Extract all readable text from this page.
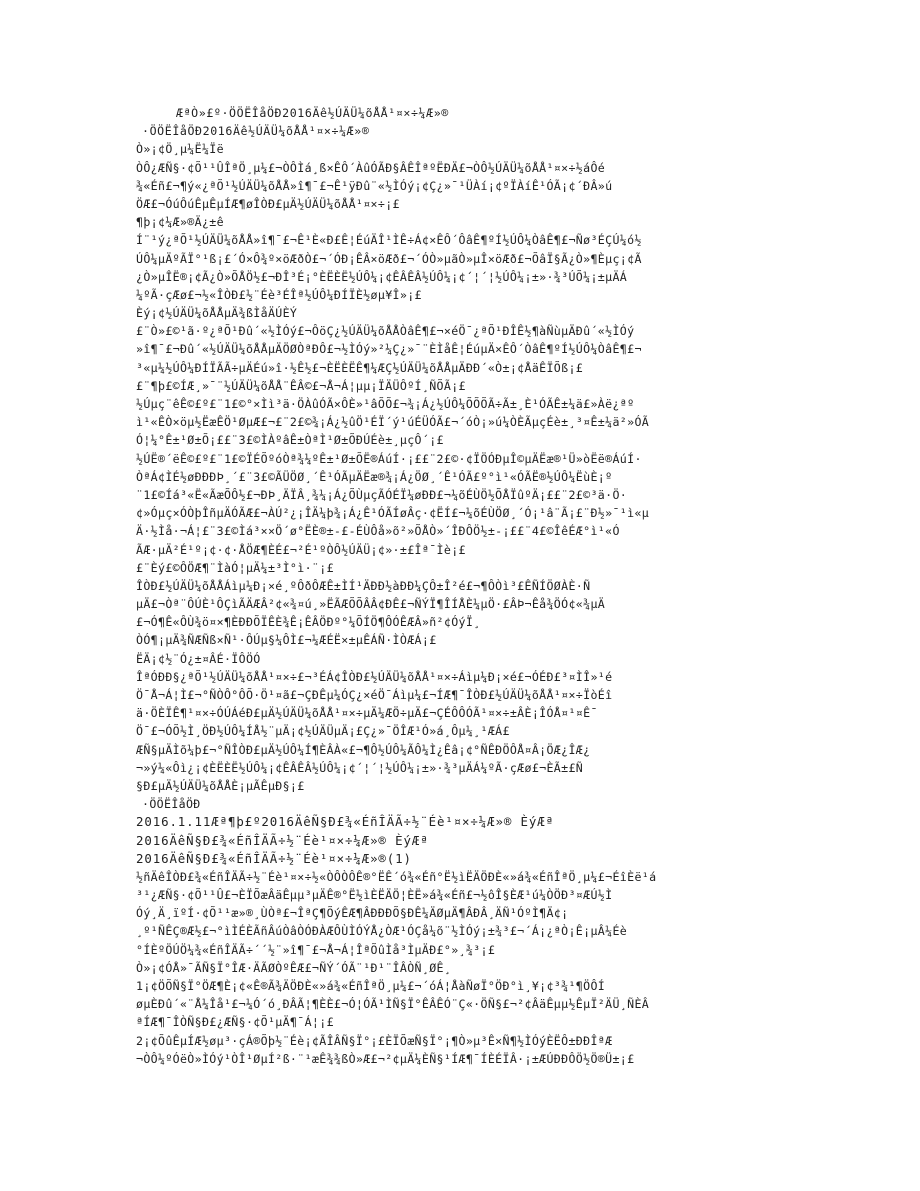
ÆªÒ»£º·ÖÖËÎåÖÐ2016Äê½ÚÄÜ¼õÅÅ¹¤×÷¼Æ»®
·ÖÖËÎåÖÐ2016Äê½ÚÄÜ¼õÅÅ¹¤×÷¼Æ»®
Ò»¡¢Ö¸µ¼Ë¼Ïë
ÒÔ¿ÆÑ§·¢Õ¹¹ÛÎªÖ¸µ¼£¬ÒÔÌá¸ß×ÊÔ´ÀûÓÃÐ§ÂÊÎªºËÐÄ£¬ÒÔ½ÚÄÜ¼õÅÅ¹¤×÷½áÔé
¾«Éñ£¬¶ý«¿ªÕ¹½ÚÄÜ¼õÅÅ»î¶¯£¬Ê¹ÿÐû¨«½ÌÓý¡¢Ç¿»¯¹ÜÀí¡¢ºÏÀíÊ¹ÓÃ¡¢´ÐÂ»ú
ÖÆ£¬ÓúÔúÊµÊµÍÆ¶øÎÒÐ£µÄ½ÚÄÜ¼õÅÅ¹¤×÷¡£
¶þ¡¢¼Æ»®Ä¿±ê
Í¨¹ý¿ªÕ¹½ÚÄÜ¼õÅÅ»î¶¯£¬Ê¹È«Ð£Ê¦ÉúÄÎ¹ÌÊ÷Á¢×ÊÔ´ÔâÊ¶ºÍ½ÚÔ¼ÒâÊ¶£¬Ñø³ÉÇÚ¼ó½
ÚÔ¼µÄºÃÏ°¹ß¡£´Ó×Ô¾º×öÆðÒ£¬´ÓÐ¡ÊÂ×öÆð£¬´ÓÒ»µãÒ»µÎ×öÆð£¬ÕâÏ§Ã¿Ò»¶Èµç¡¢Ã
¿Ò»µÎË®¡¢Ã¿Ò»ÕÅÖ½£¬ÐÎ³É¡°ÈËÈË½ÚÔ¼¡¢ÊÂÊÂ½ÚÔ¼¡¢´¦´¦½ÚÔ¼¡±»·¾³ÚÕ¼¡±µÄÁ
¼ºÃ·çÆø£¬½«ÎÒÐ£½¨Éè³ÉÎª½ÚÔ¼ÐÍÏÈ½øµ¥Î»¡£
Èý¡¢½ÚÄÜ¼õÅÅµÄ¾ßÌåÄÚÈÝ
£¨Ò»£©¹ã·º¿ªÕ¹Ðû´«½ÌÓý£¬ÔöÇ¿½ÚÄÜ¼õÅÅÒâÊ¶£¬×éÖ¯¿ªÕ¹ÐÎÊ½¶àÑùµÄÐû´«½ÌÓý
»î¶¯£¬Ðû´«½ÚÄÜ¼õÅÅµÄÖØÒªÐÔ£¬½ÌÓý»²¼Ç¿»¯¨ÈÌåÊ¦ÉúµÄ×ÊÔ´ÒâÊ¶ºÍ½ÚÔ¼ÒâÊ¶£¬
³«µ¼½ÚÔ¼ÐÍÏÃÃ÷µÄÉú»î·½Ê½£¬ÈËÈËÊ¶¼ÆÇ½ÚÄÜ¼õÅÅµÄÐÐ´«Ò±¡¢ÅäÊÏÕß¡£
£¨¶þ£©ÍÆ¸»¯¨½ÚÄÜ¼õÅÅ¨ÊÂ©£¬Å¬Á¦µµ¡ÏÄÜÔºÍ¸ÑÕÃ¡£
½Úµç¨êÊ©£º£¨1£©°×Ìì³ä·ÖÀûÓÃ×ÔÈ»¹âÕÕ£¬¾¡Á¿½ÚÔ¼ÕÕÕÃ÷Ã±¸È¹ÓÃÊ±¼ä£»Àë¿ªº
ì¹«ÊÒ×öµ½ËæÊÖ¹ØµÆ£¬£¨2£©¾¡Á¿½ûÖ¹ÉÏ´ý¹úÉÜÓÃ£¬´óÒ¡»ú¼ÒÈÃµçÉè±¸³¤Ê±¼ä²»ÓÃ
Ó¦¼°Ê±¹Ø±Õ¡££¨3£©ÌÀºâÊ±ÒªÌ¹Ø±ÕÐÚÉè±¸µçÔ´¡£
½ÚË®´ëÊ©£º£¨1£©ÏÉÕºóÒª¾¼ºÊ±¹Ø±ÕË®ÁúÍ·¡££¨2£©·¢ÏÖÓÐµÎ©µÄËæ®¹Ü»òËë®ÁúÍ·
ÒªÁ¢ÌÉ½øÐÐÐÞ¸´£¨3£©ÃÜÖØ¸´Ê¹ÓÃµÄËæ®¾¡Á¿ÖØ¸´Ê¹ÓÃ£º°ì¹«ÓÃË®½ÚÔ¼ËùÈ¡º
¨1£©Íá³«Ë«ÃæÕÔ½£¬ÐÞ¸ÄÏÂ¸¾¼¡Á¿ÕÙµçÃÓÉÏ¼øÐÐ£¬¼õÉÙÖ½ÕÅÏûºÄ¡££¨2£©³ä·Ö·
¢»Óµç×ÓÒþÎñµÄÓÃÆ£¬ÀÚ²¿¡ÎÄ¼þ¾¡Á¿Ê¹ÓÃÍøÂç·¢ËÍ£¬¼õÉÙÖØ¸´Ó¡¹â¨Ã¡£¨Ð½»¯¹ì«µ
Ä·½Ìå·¬Á¦£¨3£©Ìá³××Ö´ø°ËÈ®±-£-ÉÙÔå»õ²»ÕÅÒ»´ÎÐÔÖ½±-¡££¨4£©ÎêÉÆ°ì¹«Ó
ÃÆ·µÄ²É¹º¡¢·¢·ÅÖÆ¶ÈÉ£¬²É¹ºÒÔ½ÚÄÜ¡¢»·±£Îª¯Ìè¡£
£¨Èý£©ÔÖÆ¶¨ÌàÓ¦µÄ¼±³Ì°ì·¨¡£
ÎÒÐ£½ÚÄÜ¼õÅÅÁìµ¼Ð¡×é¸ºÔðÔÆÊ±ÌÍ¹ÄÐÐ½àÐÐ¼ÇÔ±Î²é£¬¶ÔÒì³£ÊÑÍÖØÀÈ·Ñ
µÄ£¬Òª¨ÔÚÈ¹ÔÇìÃÄÆÂ²¢«¾¤ú¸»ËÃÆÕÕÂÂ¢ÐÊ£¬ÑÝÏ¶ÎÍÅÈ¼µÖ·£ÂÞ¬Êå¾ÖÓ¢«¾µÄ
£¬Ó¶Ê«ÔÙ¾ö¤×¶ÈÐÐÕÏÊÈ¾Ê¡ÊÂÖÐº°¼ÕÍÖ¶ÔÓÊÆÂ»ñ²¢ÓýÏ¸
ÒÓ¶¡µÄ¾ÑÆÑß×Ñ¹·ÔÚµ§¼ÔÌ£¬¼ÆÉË×±µÊÁÑ·ÌÒÆÁ¡£
ËÄ¡¢½¨Ó¿±¤ÂÉ·ÏÔÖÓ
ÎªÓÐÐ§¿ªÕ¹½ÚÄÜ¼õÅÅ¹¤×÷£¬³ÉÁ¢ÎÒÐ£½ÚÄÜ¼õÅÅ¹¤×÷Áìµ¼Ð¡×é£¬ÓÉÐ£³¤ÌÎ»¹é
Ö¯Å¬Á¦Ì£¬°ÑÒÔ°ÔÕ·Ö¹¤ã£¬ÇÐÊµ¼ÓÇ¿×éÖ¯Áìµ¼£¬ÍÆ¶¯ÎÒÐ£½ÚÄÜ¼õÅÅ¹¤×÷ÏòÉî
ä·ÖÈÏÊ¶¹¤×÷ÓÚÁéÐ£µÄ½ÚÄÜ¼õÅÅ¹¤×÷µÄ¼ÆÖ÷µÄ£¬ÇÉÔÔÓÃ¹¤×÷±ÂÈ¡ÎÓÅ¤¹¤Ê¯
Ö¯£¬ÓÕ½Ì¸ÖÐ½ÚÔ¼ÍÅ½¨µÄ¡¢½ÚÄÜµÄ¡£Ç¿»¯ÖÎÆ¹Ó»á¸Ôµ¼¸¹ÆÁ£
ÆÑ§µÄÌõ¼þ£¬°ÑÎÒÐ£µÄ½ÚÔ¼Í¶ÈÂÀ«£¬¶Ô½ÚÔ¼ÃÔ¼Ì¿Êâ¡¢°ÑÊÐÖÔÅ¤Â¡ÖÆ¿ÎÆ¿
¬»ý¼«Ôì¿¡¢ÈËÈË½ÚÔ¼¡¢ÊÂÊÂ½ÚÔ¼¡¢´¦´¦½ÚÔ¼¡±»·¾³µÄÁ¼ºÃ·çÆø£¬ÈÃ±£Ñ
§Ð£µÄ½ÚÄÜ¼õÅÅÈ¡µÃÊµÐ§¡£
·ÖÖËÎåÖÐ
2016.1.11Æª¶þ£º2016ÄêÑ§Ð£¾«ÉñÎÄÃ÷½¨Éè¹¤×÷¼Æ»® ÈýÆª
2016ÄêÑ§Ð£¾«ÉñÎÄÃ÷½¨Éè¹¤×÷¼Æ»® ÈýÆª
2016ÄêÑ§Ð£¾«ÉñÎÄÃ÷½¨Éè¹¤×÷¼Æ»®(1)
½ñÄêÎÒÐ£¾«ÉñÎÄÃ÷½¨Éè¹¤×÷½«ÒÔÒÔÊ®°ËÊ´ó¾«Éñ°Ë½ìËÄÖÐÈ«»á¾«ÉñÎªÖ¸µ¼£¬ÉîÈë¹á
³¹¿ÆÑ§·¢Õ¹¹Û£¬ÈÏÕæÂäÊµµ³µÄÊ®°Ë½ìÈËÄÖ¦ÈË»á¾«Éñ£¬½ôÎ§ÈÆ¹ú¼ÒÖÐ³¤ÆÚ½Ì
Óý¸Ä¸ïºÍ·¢Õ¹¹æ»®¸ÙÒª£¬ÎªÇ¶ÕýÊÆ¶ÂÐÐÐÕ§ÐÊ¼ÄØµÄ¶ÂÐÂ¸ÄÑ¹ÓºÌ¶Ä¢¡
¸º¹ÑÊÇ®Æ½£¬°ìÌÉÈÃñÂúÒâÒÓÐÀÆÔÙÌÓÝÅ¿ÒÆ¹ÓÇå¼õ¨½ÌÓý¡±¾³£¬´Á¡¿ªÒ¡Ê¡µÂ¼Éè
°ÍÈºÖÚÖ¼¾«ÉñÎÄÃ÷´´½¨»î¶¯£¬Å¬Á¦ÎªÕûÌå³ÌµÄÐ£°»¸¾³¡£
Ò»¡¢ÓÅ»¯ÃÑ§Ï°ÎÆ·ÄÃØÒºÊÆ£¬ÑÝ´ÓÃ¨¹Ð¹¨ÎÂÒÑ¸ØÊ¸
1¡¢ÖÕÑ§Ï°ÖÆ¶È¡¢«Ê®Ã¾ÄÖÐÈ«»á¾«ÉñÎªÖ¸µ¼£¬´óÁ¦ÅàÑøÏ°ÖÐ°ì¸¥¡¢³¾¹¶ÖÔÍ
øµÈÐû´«¨Å¼Îå¹£¬¼Ó´ó¸ÐÂÃ¦¶ÈÈ£¬Ó¦ÓÃ¹ÌÑ§Ï°ÊÂÊÓ¨Ç«·ÖÑ§£¬²¢ÂäÊµµ½ÊµÏ²ÄÜ¸ÑÈÂ
ªÍÆ¶¯ÎÒÑ§Ð£¿ÆÑ§·¢Õ¹µÄ¶¯Á¦¡£
2¡¢ÕûÊµÍÆ½øµ³·çÁ®Õþ½¨Éè¡¢ÃÎÂÑ§Ï°¡£ÈÏÕæÑ§Ï°¡¶Ò»µ³Ê×Ñ¶½ÌÓýÈËÔ±ÐÐÎªÆ
¬ÒÔ¼ºÓëÒ»ÌÓý¹ÒÎ¹ØµÍ²ß·¨¹æÊ¾¾ßÒ»Æ£¬²¢µÄ¼ÈÑ§¹ÍÆ¶¯ÍÈÉÏÂ·¡±ÆÚÐÐÔÖ½Ö®Ü±¡£
